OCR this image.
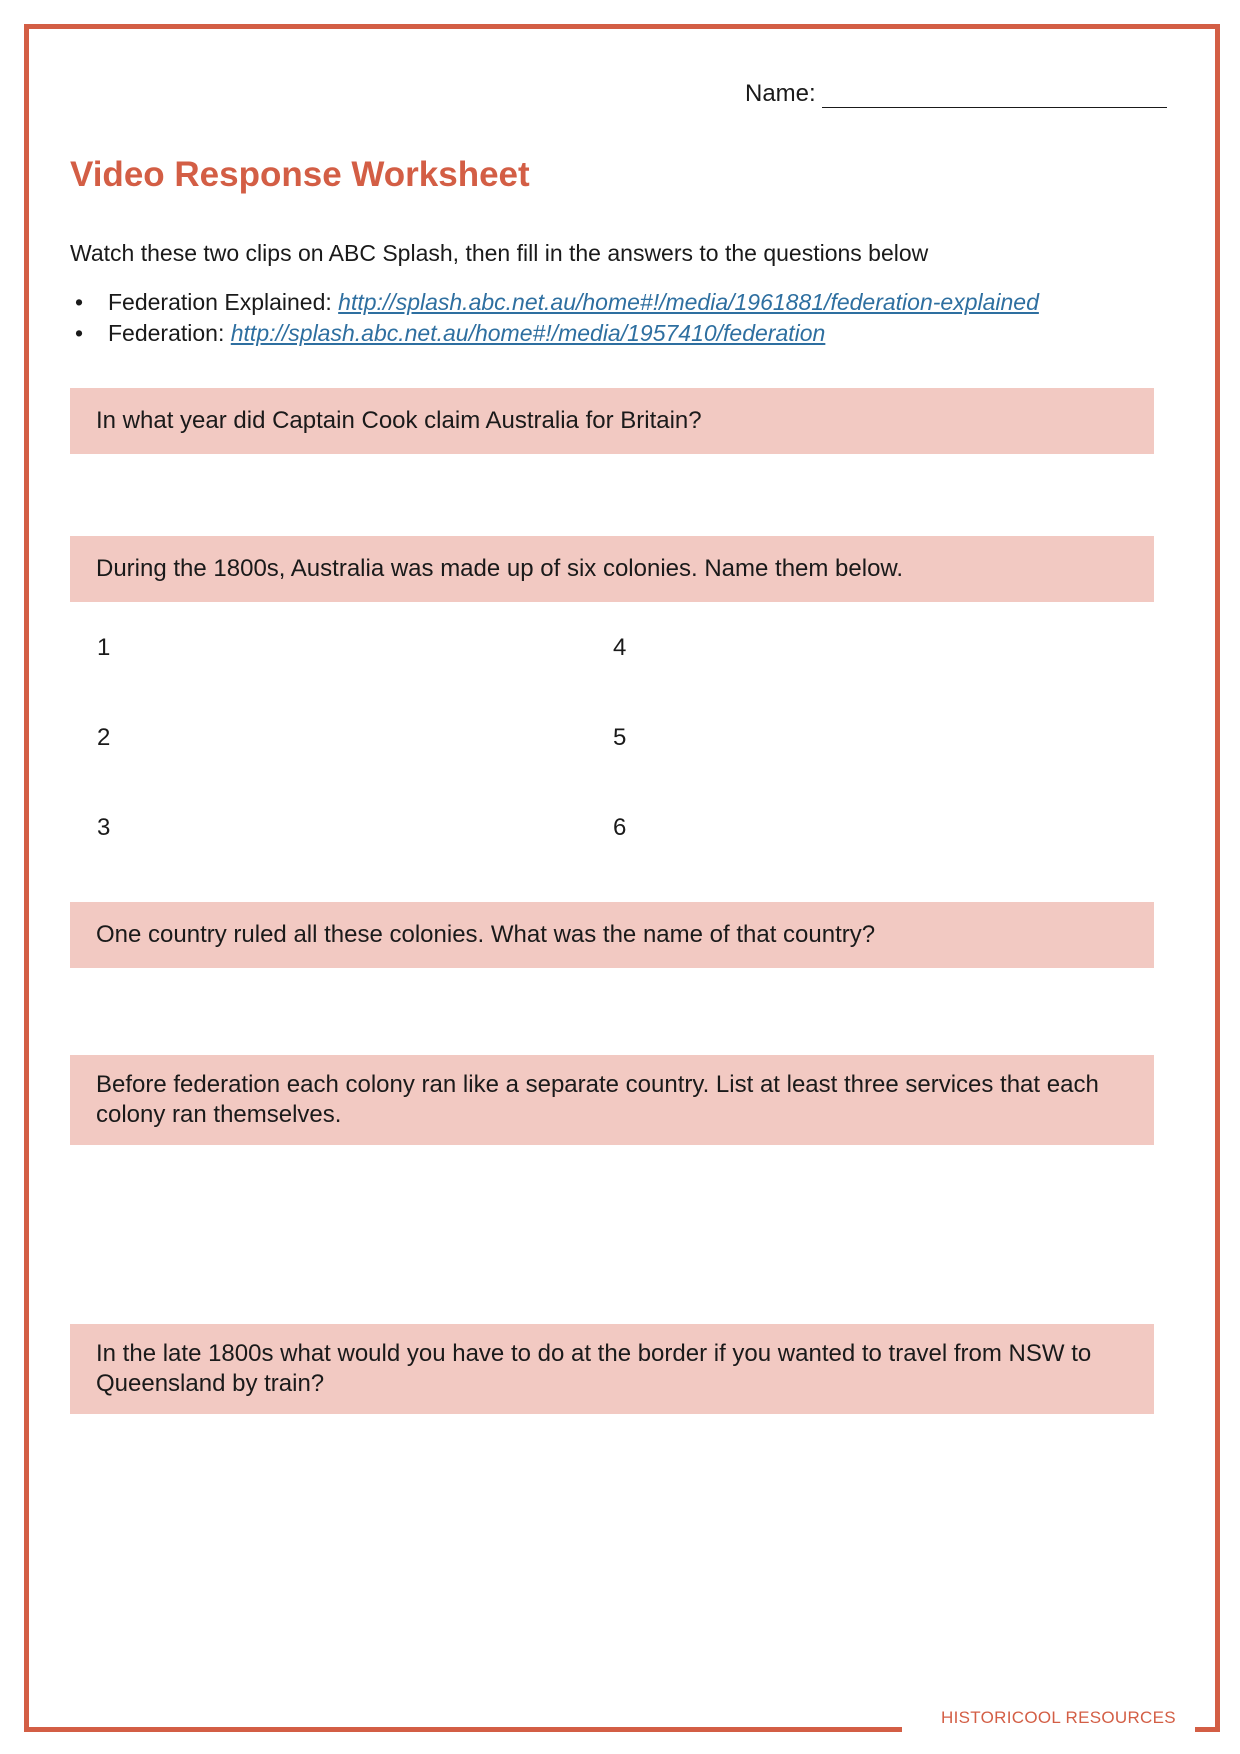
Name:
Video Response Worksheet
Watch these two clips on ABC Splash, then fill in the answers to the questions below
• Federation Explained: http://splash.abc.net.au/home#!/media/1961881/federation-explained
• Federation: http://splash.abc.net.au/home#!/media/1957410/federation
In what year did Captain Cook claim Australia for Britain?
During the 1800s, Australia was made up of six colonies. Name them below.
1
2
3
4
5
6
One country ruled all these colonies. What was the name of that country?
Before federation each colony ran like a separate country. List at least three services that each colony ran themselves.
In the late 1800s what would you have to do at the border if you wanted to travel from NSW to Queensland by train?
HISTORICOOL RESOURCES
